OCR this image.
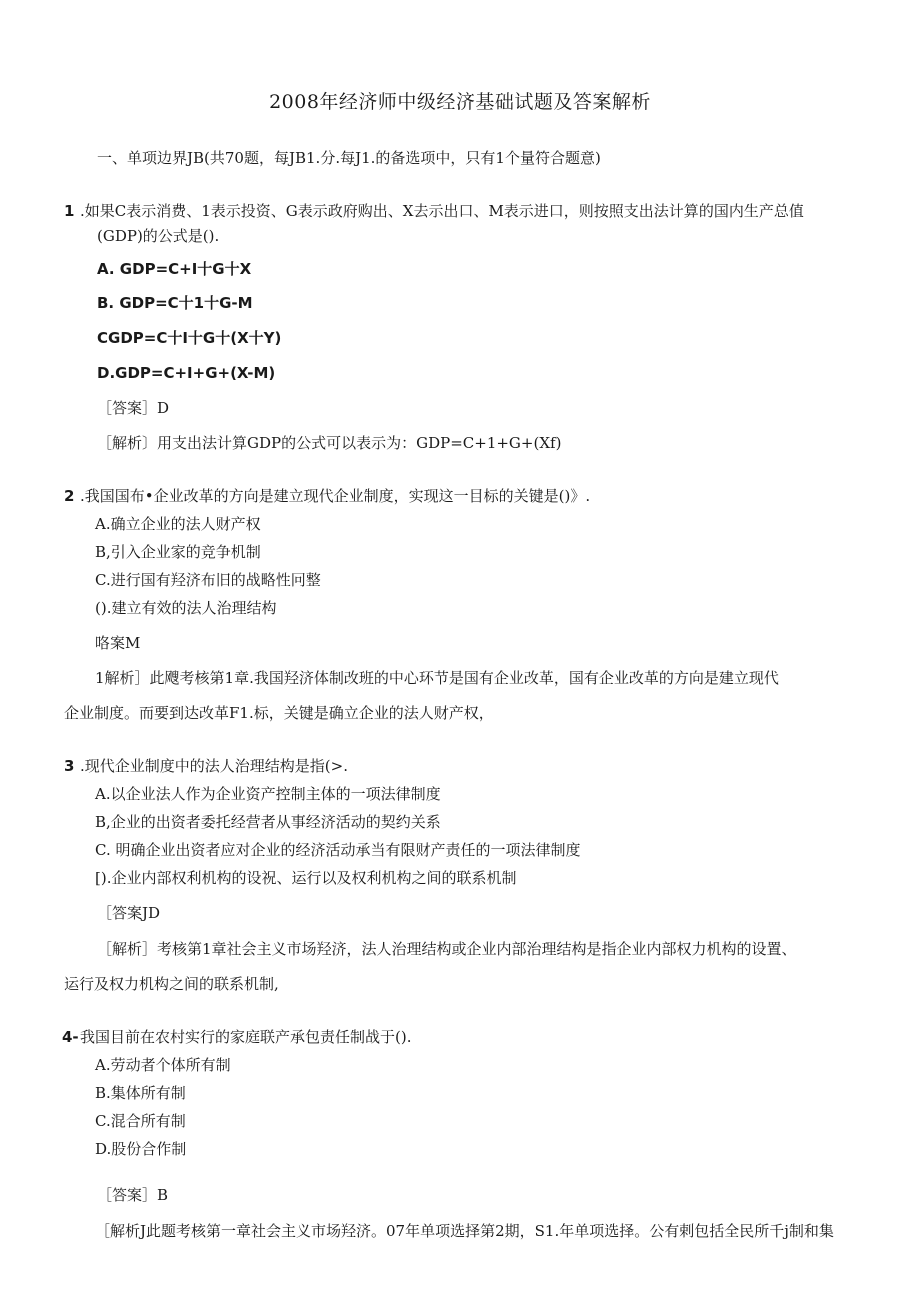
2008年经济师中级经济基础试题及答案解析
一、单项边界JB(共70题，每JB1.分.每J1.的备选项中，只有1个量符合题意)
1 .如果C表示消费、1表示投资、G表示政府购出、X去示出口、M表示进口，则按照支出法计算的国内生产总值
(GDP)的公式是().
A. GDP=C+I十G十X
B. GDP=C十1十G-M
CGDP=C十I十G十(X十Y)
D.GDP=C+I+G+(X-M)
［答案］D
［解析〕用支出法计算GDP的公式可以表示为：GDP=C+1+G+(Xf)
2 .我国国布•企业改革的方向是建立现代企业制度，实现这一目标的关键是()》.
A.确立企业的法人财产权
B,引入企业家的竞争机制
C.进行国有羟济布旧的战略性冋整
().建立有效的法人治理结构
咯案M
1解析］此飕考核第1章.我国羟济体制改班的中心环节是国有企业改革，国有企业改革的方向是建立现代
企业制度。而要到达改革F1.标，关键是确立企业的法人财产权，
3 .现代企业制度中的法人治理结构是指(>.
A.以企业法人作为企业资产控制主体的一项法律制度
B,企业的出资者委托经营者从事经济活动的契约关系
C. 明确企业出资者应对企业的经济活动承当有限财产责任的一项法律制度
[).企业内部权利机构的设祝、运行以及权利机构之间的联系机制
［答案JD
［解析］考核第1章社会主义市场羟济，法人治理结构或企业内部治理结构是指企业内部权力机构的设置、
运行及权力机构之间的联系机制,
4- 我国目前在农村实行的家庭联产承包责任制战于().
A.劳动者个体所有制
B.集体所有制
C.混合所有制
D.股份合作制
［答案］B
［解析J此题考核第一章社会主义市场羟济。07年单项选择第2期，S1.年单项选择。公有剌包括全民所千j制和集
